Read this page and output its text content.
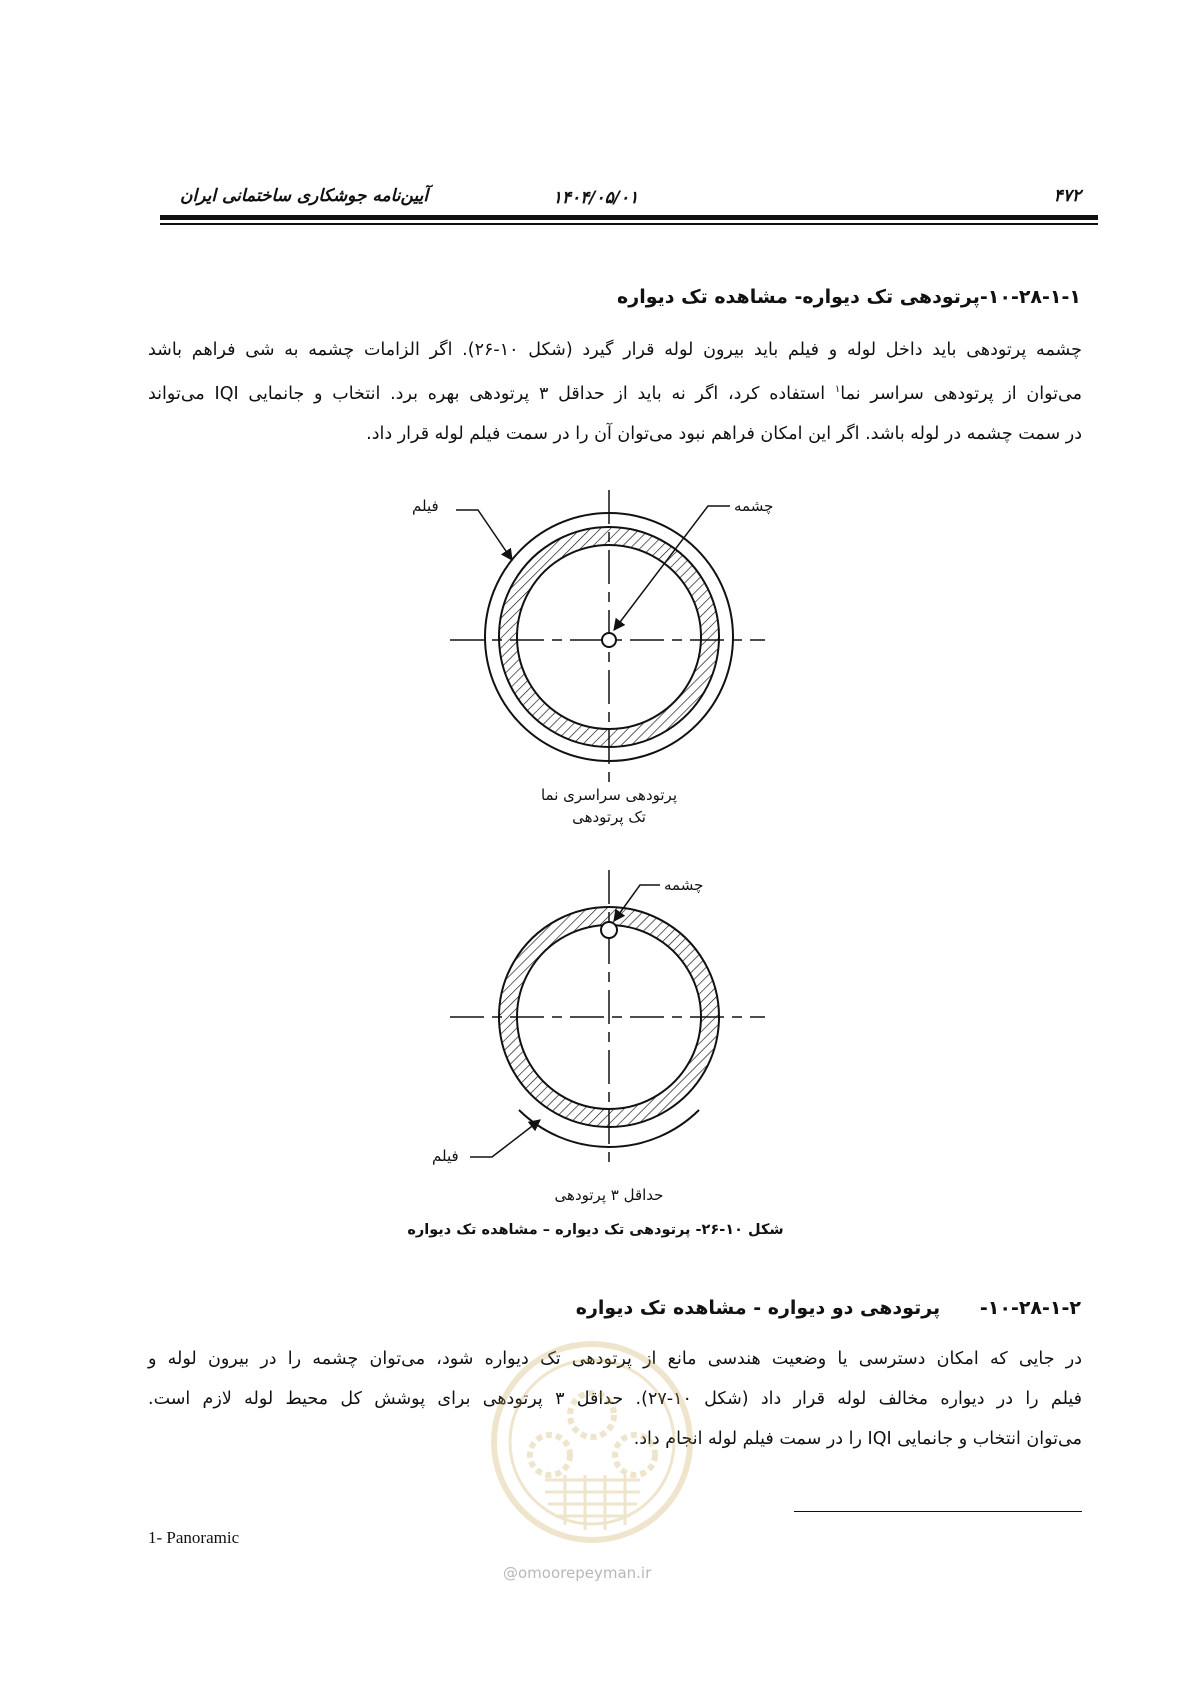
آیین‌نامه جوشکاری ساختمانی ایران	۱۴۰۴/۰۵/۰۱	۴۷۲
۱۰-۲۸-۱-۱-پرتودهی تک دیواره- مشاهده تک دیواره
چشمه پرتودهی باید داخل لوله و فیلم باید بیرون لوله قرار گیرد (شکل ۱۰-۲۶). اگر الزامات چشمه به شی فراهم باشد
می‌توان از پرتودهی سراسر نما$^۱$ استفاده کرد، اگر نه باید از حداقل ۳ پرتودهی بهره برد. انتخاب و جانمایی IQI می‌تواند
در سمت چشمه در لوله باشد. اگر این امکان فراهم نبود می‌توان آن را در سمت فیلم لوله قرار داد.
فیلم	چشمه
پرتودهی سراسری نما
تک پرتودهی
چشمه
فیلم
حداقل ۳ پرتودهی
شکل ۱۰-۲۶- پرتودهی تک دیواره – مشاهده تک دیواره
۱۰-۲۸-۱-۲-      پرتودهی دو دیواره - مشاهده تک دیواره
در جایی که امکان دسترسی یا وضعیت هندسی مانع از پرتودهی تک دیواره شود، می‌توان چشمه را در بیرون لوله و
فیلم را در دیواره مخالف لوله قرار داد (شکل ۱۰-۲۷). حداقل ۳ پرتودهی برای پوشش کل محیط لوله لازم است.
می‌توان انتخاب و جانمایی IQI را در سمت فیلم لوله انجام داد.
@omoorepeyman.ir
1- Panoramic
